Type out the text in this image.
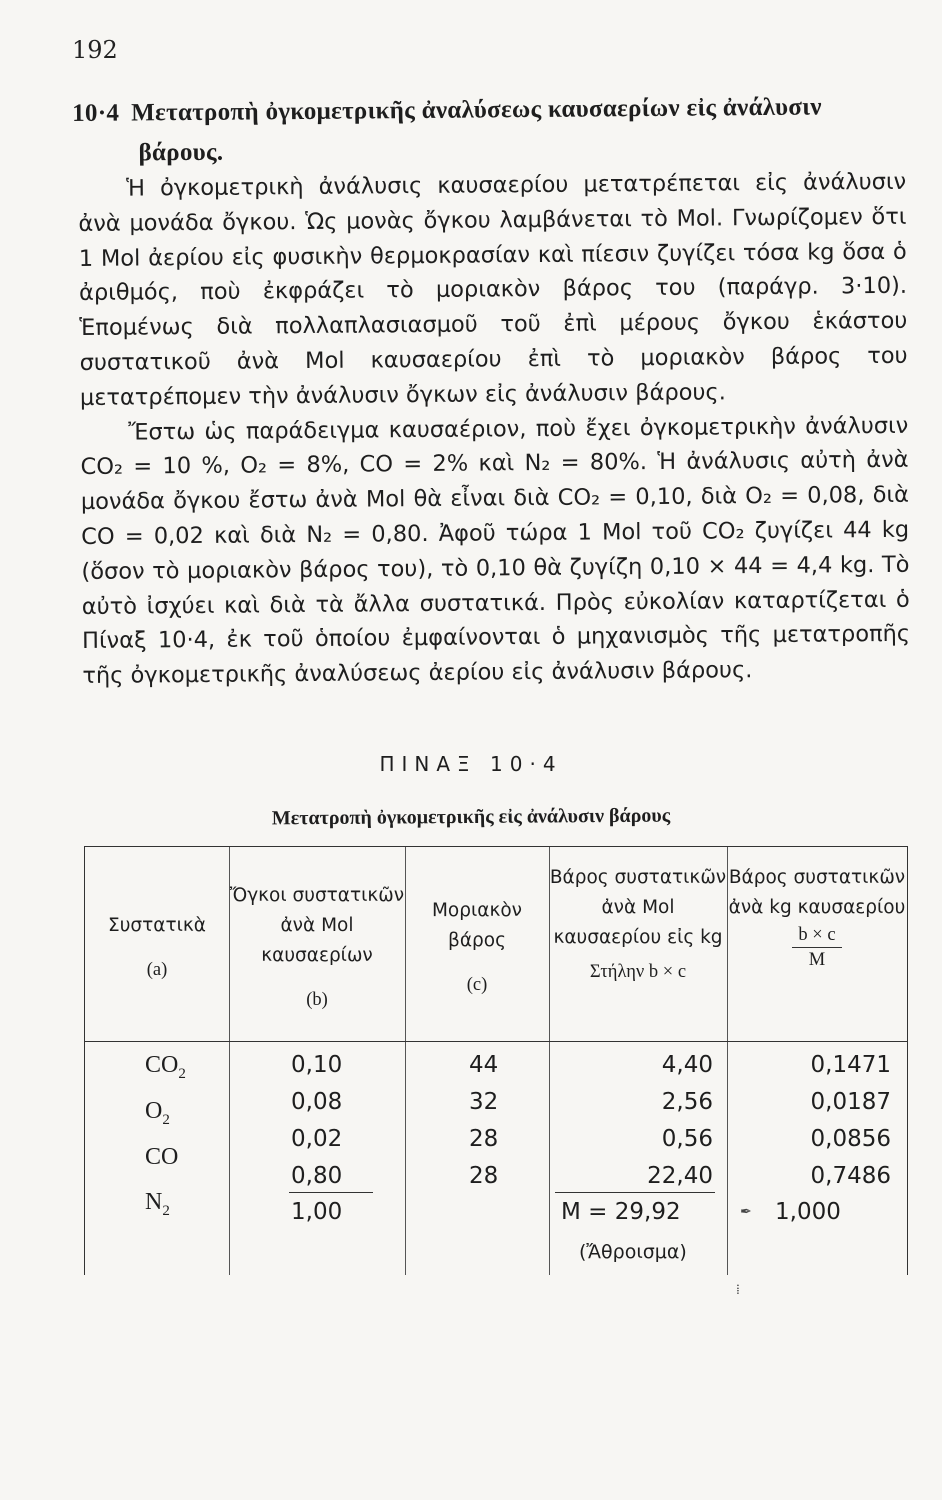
192
10·4 Μετατροπὴ ὀγκομετρικῆς ἀναλύσεως καυσαερίων εἰς ἀνάλυσιν
βάρους.

Ἡ ὀγκομετρικὴ ἀνάλυσις καυσαερίου μετατρέπεται εἰς ἀνάλυσιν ἀνὰ μονάδα ὄγκου. Ὡς μονὰς ὄγκου λαμβάνεται τὸ Mol. Γνωρίζομεν ὅτι 1 Mol ἀερίου εἰς φυσικὴν θερμοκρασίαν καὶ πίεσιν ζυγίζει τόσα kg ὅσα ὁ ἀριθμός, ποὺ ἐκφράζει τὸ μοριακὸν βάρος του (παράγρ. 3·10). Ἑπομένως διὰ πολλαπλασιασμοῦ τοῦ ἐπὶ μέρους ὄγκου ἑκάστου συστατικοῦ ἀνὰ Mol καυσαερίου ἐπὶ τὸ μοριακὸν βάρος του μετατρέπομεν τὴν ἀνάλυσιν ὄγκων εἰς ἀνάλυσιν βάρους.

Ἔστω ὡς παράδειγμα καυσαέριον, ποὺ ἔχει ὀγκομετρικὴν ἀνάλυσιν CO₂ = 10 %, O₂ = 8%, CO = 2% καὶ N₂ = 80%. Ἡ ἀνάλυσις αὐτὴ ἀνὰ μονάδα ὄγκου ἔστω ἀνὰ Mol θὰ εἶναι διὰ CO₂ = 0,10, διὰ O₂ = 0,08, διὰ CO = 0,02 καὶ διὰ N₂ = 0,80. Ἀφοῦ τώρα 1 Mol τοῦ CO₂ ζυγίζει 44 kg (ὅσον τὸ μοριακὸν βάρος του), τὸ 0,10 θὰ ζυγίζη 0,10 × 44 = 4,4 kg. Τὸ αὐτὸ ἰσχύει καὶ διὰ τὰ ἄλλα συστατικά. Πρὸς εὐκολίαν καταρτίζεται ὁ Πίναξ 10·4, ἐκ τοῦ ὁποίου ἐμφαίνονται ὁ μηχανισμὸς τῆς μετατροπῆς τῆς ὀγκομετρικῆς ἀναλύσεως ἀερίου εἰς ἀνάλυσιν βάρους.

ΠΙΝΑΞ 10·4
Μετατροπὴ ὀγκομετρικῆς εἰς ἀνάλυσιν βάρους
Συστατικὰ
(a)
Ὄγκοι συστατικῶν ἀνὰ Mol καυσαερίων
(b)
Μοριακὸν βάρος
(c)
Βάρος συστατικῶν ἀνὰ Mol καυσαερίου εἰς kg
Στήλην b × c
Βάρος συστατικῶν ἀνὰ kg καυσαερίου

$\frac{b \times c}{M}$
$CO_2$
$O_2$
CO
$N_2$
0,10
0,08
0,02
0,80
44
32
28
28
4,40
2,56
0,56
22,40
0,1471
0,0187
0,0856
0,7486
1,00	M = 29,92	1,000
(Ἄθροισμα)
✒
⁞
